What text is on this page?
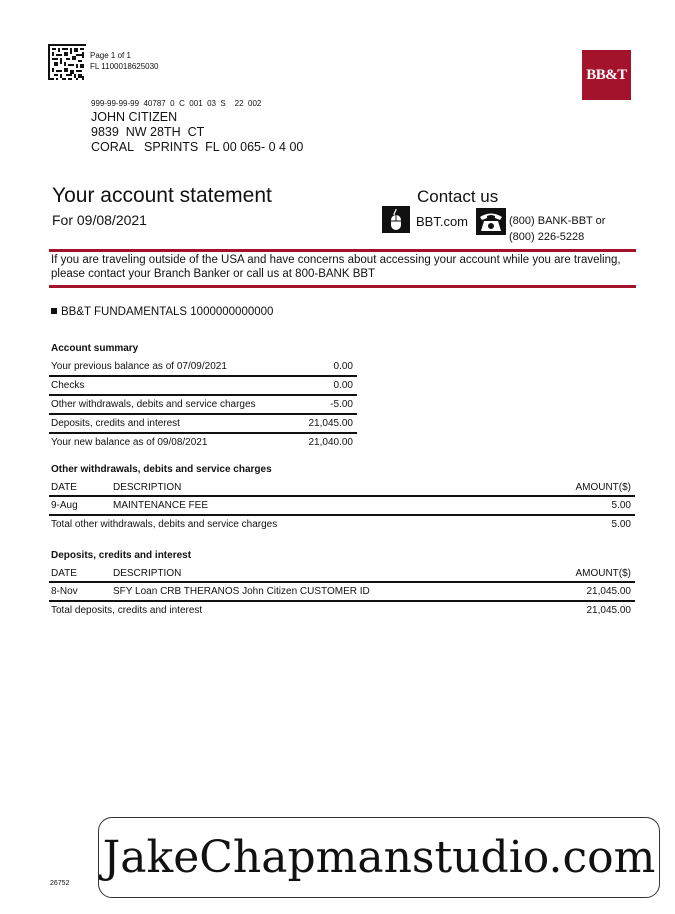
Page 1 of 1
FL 1100018625030	BB&T
999-99-99-99  40787  0  C  001  03  S    22  002
JOHN CITIZEN
9839  NW 28TH  CT
CORAL   SPRINTS  FL 00 065- 0 4 00
Your account statement
For 09/08/2021
Contact us
BBT.com	(800) BANK-BBT or
(800) 226-5228
If you are traveling outside of the USA and have concerns about accessing your account while you are traveling, please contact your Branch Banker or call us at 800-BANK BBT
BB&T FUNDAMENTALS 1000000000000
Account summary
Your previous balance as of 07/09/2021	0.00
Checks	0.00
Other withdrawals, debits and service charges	-5.00
Deposits, credits and interest	21,045.00
Your new balance as of 09/08/2021	21,040.00
Other withdrawals, debits and service charges
DATE	DESCRIPTION	AMOUNT($)
9-Aug	MAINTENANCE FEE	5.00
Total other withdrawals, debits and service charges		5.00
Deposits, credits and interest
DATE	DESCRIPTION	AMOUNT($)
8-Nov	SFY Loan CRB THERANOS John Citizen CUSTOMER ID	21,045.00
Total deposits, credits and interest		21,045.00
26752
JakeChapmanstudio.com
